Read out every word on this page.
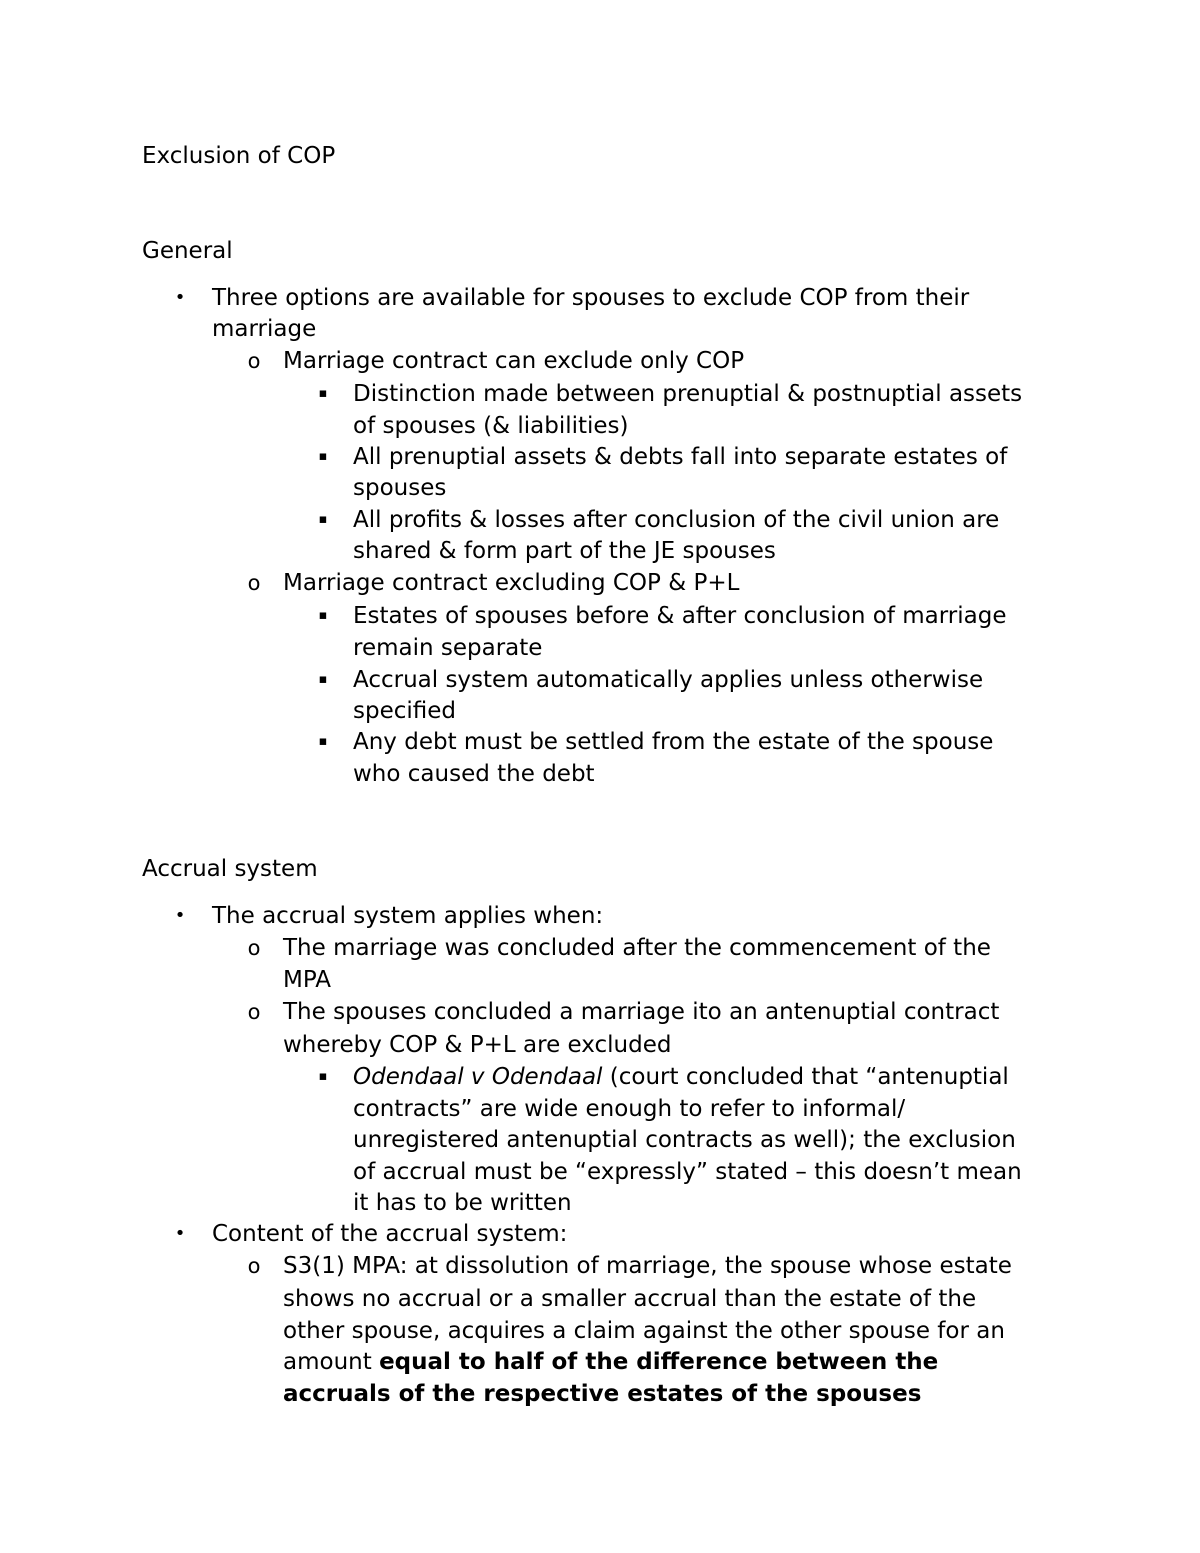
Exclusion of COP
General
• Three options are available for spouses to exclude COP from their
marriage
o Marriage contract can exclude only COP
▪ Distinction made between prenuptial & postnuptial assets
of spouses (& liabilities)
▪ All prenuptial assets & debts fall into separate estates of
spouses
▪ All profits & losses after conclusion of the civil union are
shared & form part of the JE spouses
o Marriage contract excluding COP & P+L
▪ Estates of spouses before & after conclusion of marriage
remain separate
▪ Accrual system automatically applies unless otherwise
specified
▪ Any debt must be settled from the estate of the spouse
who caused the debt
Accrual system
• The accrual system applies when:
o The marriage was concluded after the commencement of the
MPA
o The spouses concluded a marriage ito an antenuptial contract
whereby COP & P+L are excluded
▪ Odendaal v Odendaal (court concluded that “antenuptial
contracts” are wide enough to refer to informal/
unregistered antenuptial contracts as well); the exclusion
of accrual must be “expressly” stated – this doesn’t mean
it has to be written
• Content of the accrual system:
o S3(1) MPA: at dissolution of marriage, the spouse whose estate
shows no accrual or a smaller accrual than the estate of the
other spouse, acquires a claim against the other spouse for an
amount equal to half of the difference between the
accruals of the respective estates of the spouses
